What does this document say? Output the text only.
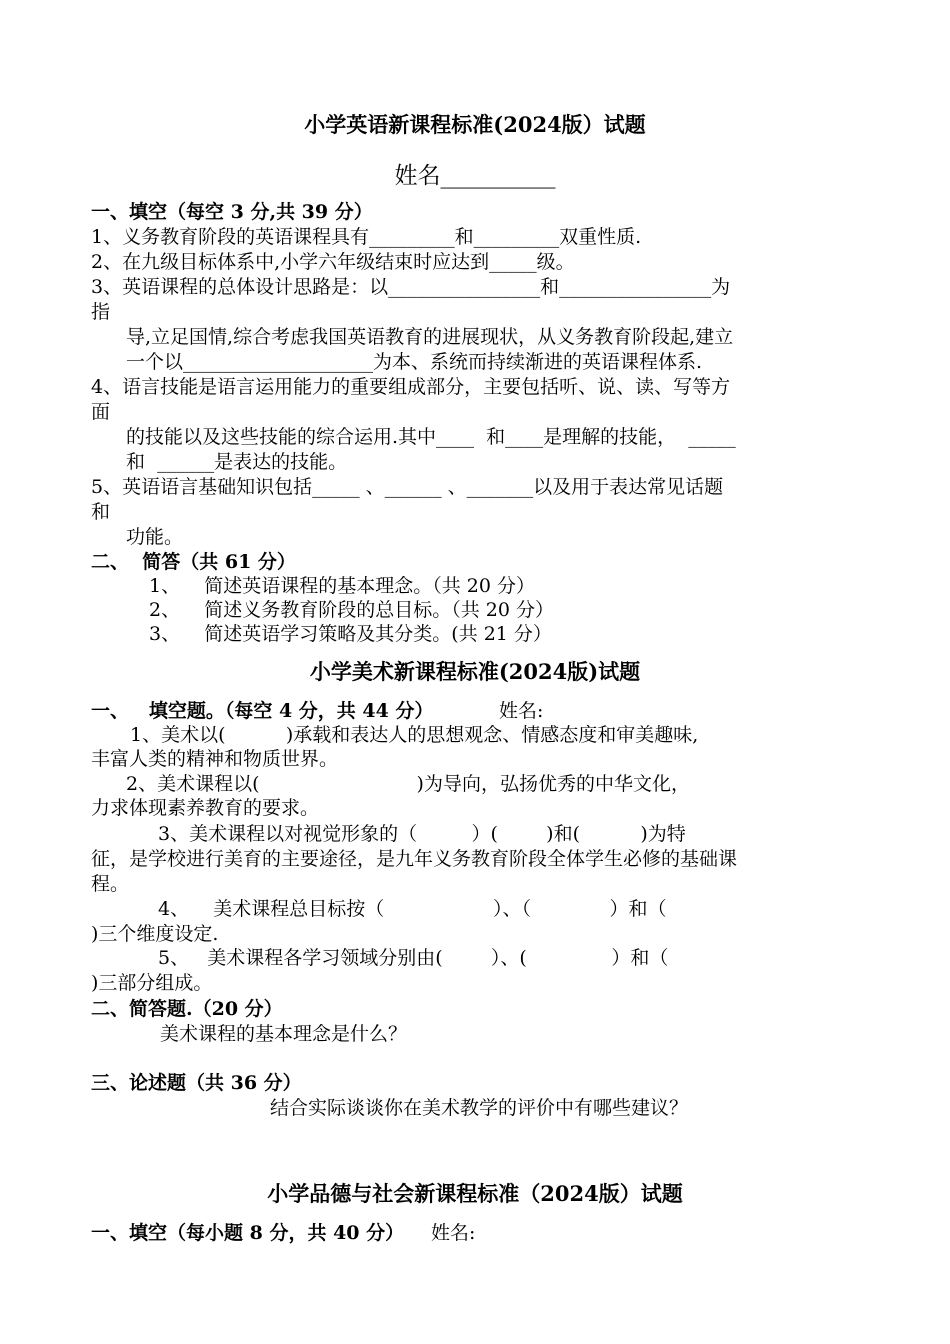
小学英语新课程标准(2024版）试题
姓名__________
一、填空（每空 3 分,共 39 分）
1、义务教育阶段的英语课程具有_________和_________双重性质.
2、在九级目标体系中,小学六年级结束时应达到_____级。
3、英语课程的总体设计思路是：以________________和________________为
指
导,立足国情,综合考虑我国英语教育的进展现状，从义务教育阶段起,建立
一个以____________________为本、系统而持续渐进的英语课程体系.
4、语言技能是语言运用能力的重要组成部分，主要包括听、说、读、写等方
面
的技能以及这些技能的综合运用.其中____  和____是理解的技能，  _____
和  ______是表达的技能。
5、英语语言基础知识包括_____ 、______ 、_______以及用于表达常见话题
和
功能。
二、  简答（共 61 分）
1、    简述英语课程的基本理念。（共 20 分）
2、    简述义务教育阶段的总目标。（共 20 分）
3、    简述英语学习策略及其分类。(共 21 分）
小学美术新课程标准(2024版)试题
一、   填空题。（每空 4 分，共 44 分）	姓名:
1、美术以(          )承载和表达人的思想观念、情感态度和审美趣味,
丰富人类的精神和物质世界。
2、美术课程以(                          )为导向，弘扬优秀的中华文化，
力求体现素养教育的要求。
3、美术课程以对视觉形象的（         ）(        )和(          )为特
征，是学校进行美育的主要途径，是九年义务教育阶段全体学生必修的基础课
程。
4、    美术课程总目标按（                  ）、（             ）和（
)三个维度设定.
5、   美术课程各学习领域分别由(        ）、(              ）和（
)三部分组成。
二、简答题.（20 分）
美术课程的基本理念是什么？
三、论述题（共 36 分）
结合实际谈谈你在美术教学的评价中有哪些建议？
小学品德与社会新课程标准（2024版）试题
一、填空（每小题 8 分，共 40 分） 姓名:
